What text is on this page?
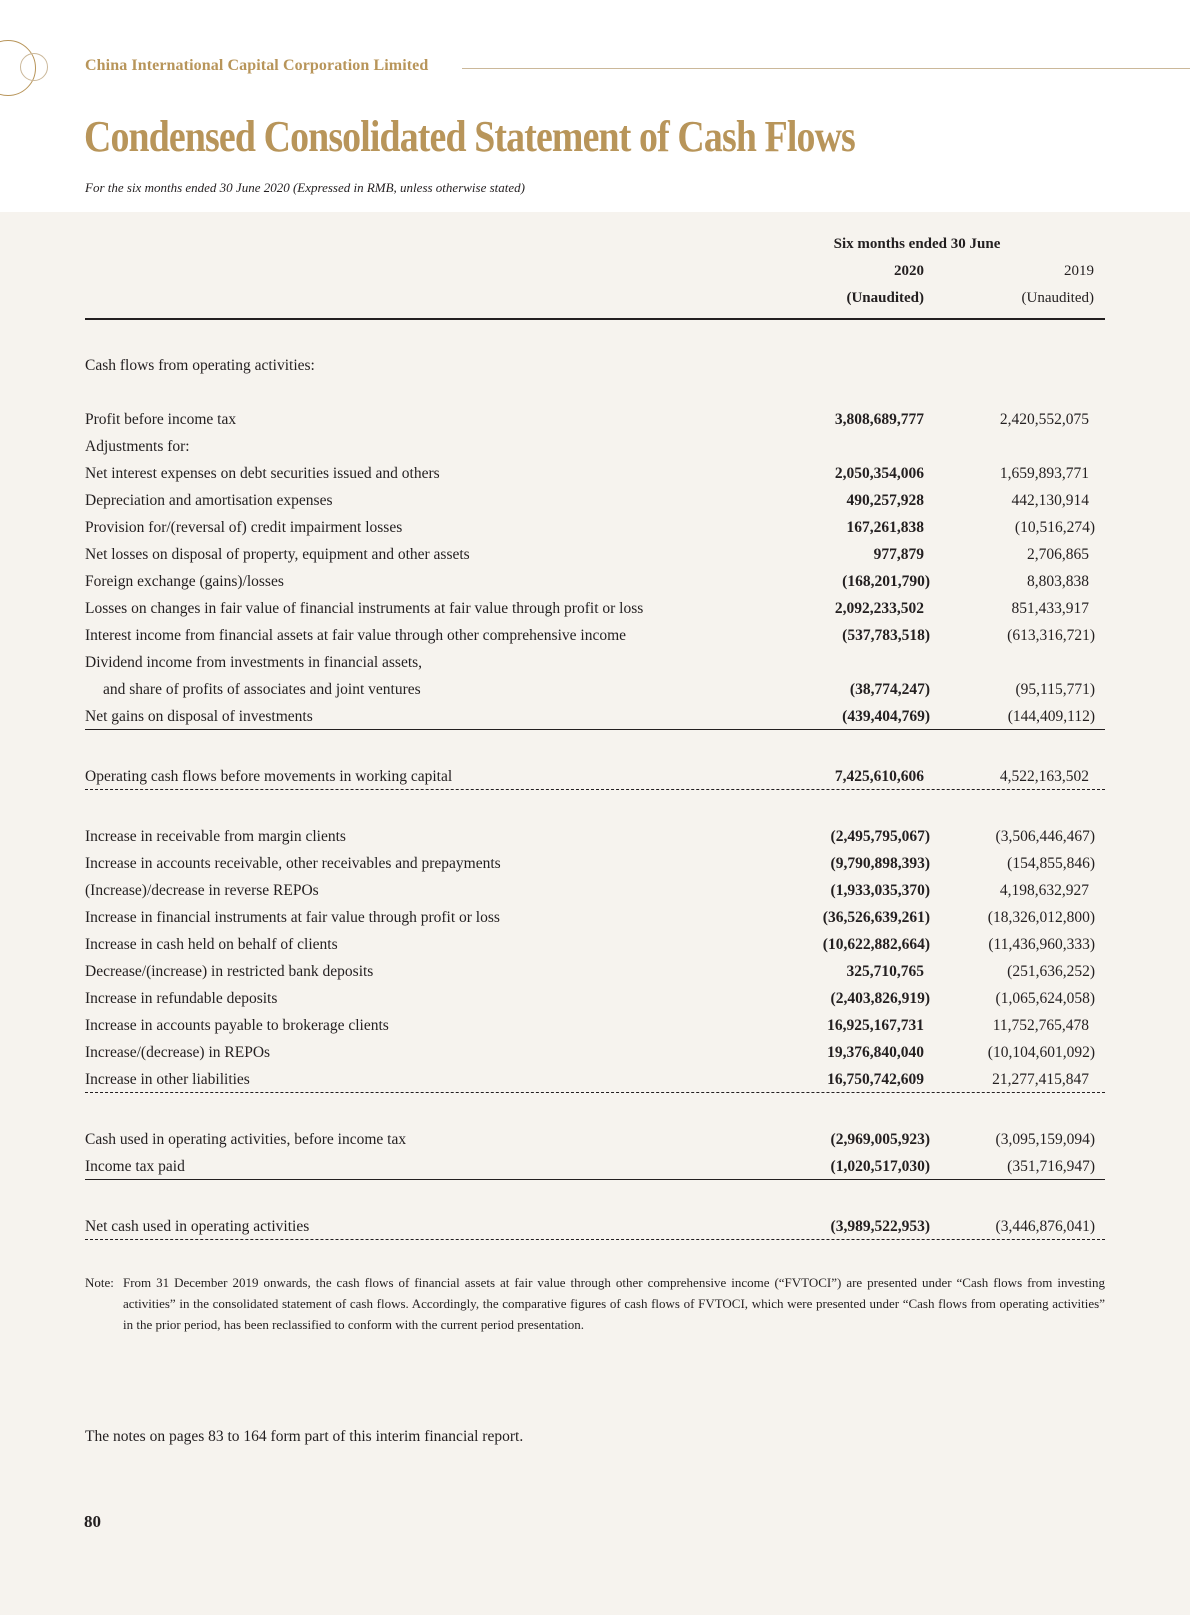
China International Capital Corporation Limited
Condensed Consolidated Statement of Cash Flows
For the six months ended 30 June 2020 (Expressed in RMB, unless otherwise stated)
Six months ended 30 June
2020	2019
(Unaudited)	(Unaudited)
Cash flows from operating activities:
Profit before income tax	3,808,689,777	2,420,552,075
Adjustments for:
Net interest expenses on debt securities issued and others	2,050,354,006	1,659,893,771
Depreciation and amortisation expenses	490,257,928	442,130,914
Provision for/(reversal of) credit impairment losses	167,261,838	(10,516,274)
Net losses on disposal of property, equipment and other assets	977,879	2,706,865
Foreign exchange (gains)/losses	(168,201,790)	8,803,838
Losses on changes in fair value of financial instruments at fair value through profit or loss	2,092,233,502	851,433,917
Interest income from financial assets at fair value through other comprehensive income	(537,783,518)	(613,316,721)
Dividend income from investments in financial assets,
and share of profits of associates and joint ventures	(38,774,247)	(95,115,771)
Net gains on disposal of investments	(439,404,769)	(144,409,112)
Operating cash flows before movements in working capital	7,425,610,606	4,522,163,502
Increase in receivable from margin clients	(2,495,795,067)	(3,506,446,467)
Increase in accounts receivable, other receivables and prepayments	(9,790,898,393)	(154,855,846)
(Increase)/decrease in reverse REPOs	(1,933,035,370)	4,198,632,927
Increase in financial instruments at fair value through profit or loss	(36,526,639,261)	(18,326,012,800)
Increase in cash held on behalf of clients	(10,622,882,664)	(11,436,960,333)
Decrease/(increase) in restricted bank deposits	325,710,765	(251,636,252)
Increase in refundable deposits	(2,403,826,919)	(1,065,624,058)
Increase in accounts payable to brokerage clients	16,925,167,731	11,752,765,478
Increase/(decrease) in REPOs	19,376,840,040	(10,104,601,092)
Increase in other liabilities	16,750,742,609	21,277,415,847
Cash used in operating activities, before income tax	(2,969,005,923)	(3,095,159,094)
Income tax paid	(1,020,517,030)	(351,716,947)
Net cash used in operating activities	(3,989,522,953)	(3,446,876,041)
Note: From 31 December 2019 onwards, the cash flows of financial assets at fair value through other comprehensive income (“FVTOCI”) are presented under “Cash flows from investing activities” in the consolidated statement of cash flows. Accordingly, the comparative figures of cash flows of FVTOCI, which were presented under “Cash flows from operating activities” in the prior period, has been reclassified to conform with the current period presentation.
The notes on pages 83 to 164 form part of this interim financial report.
80
